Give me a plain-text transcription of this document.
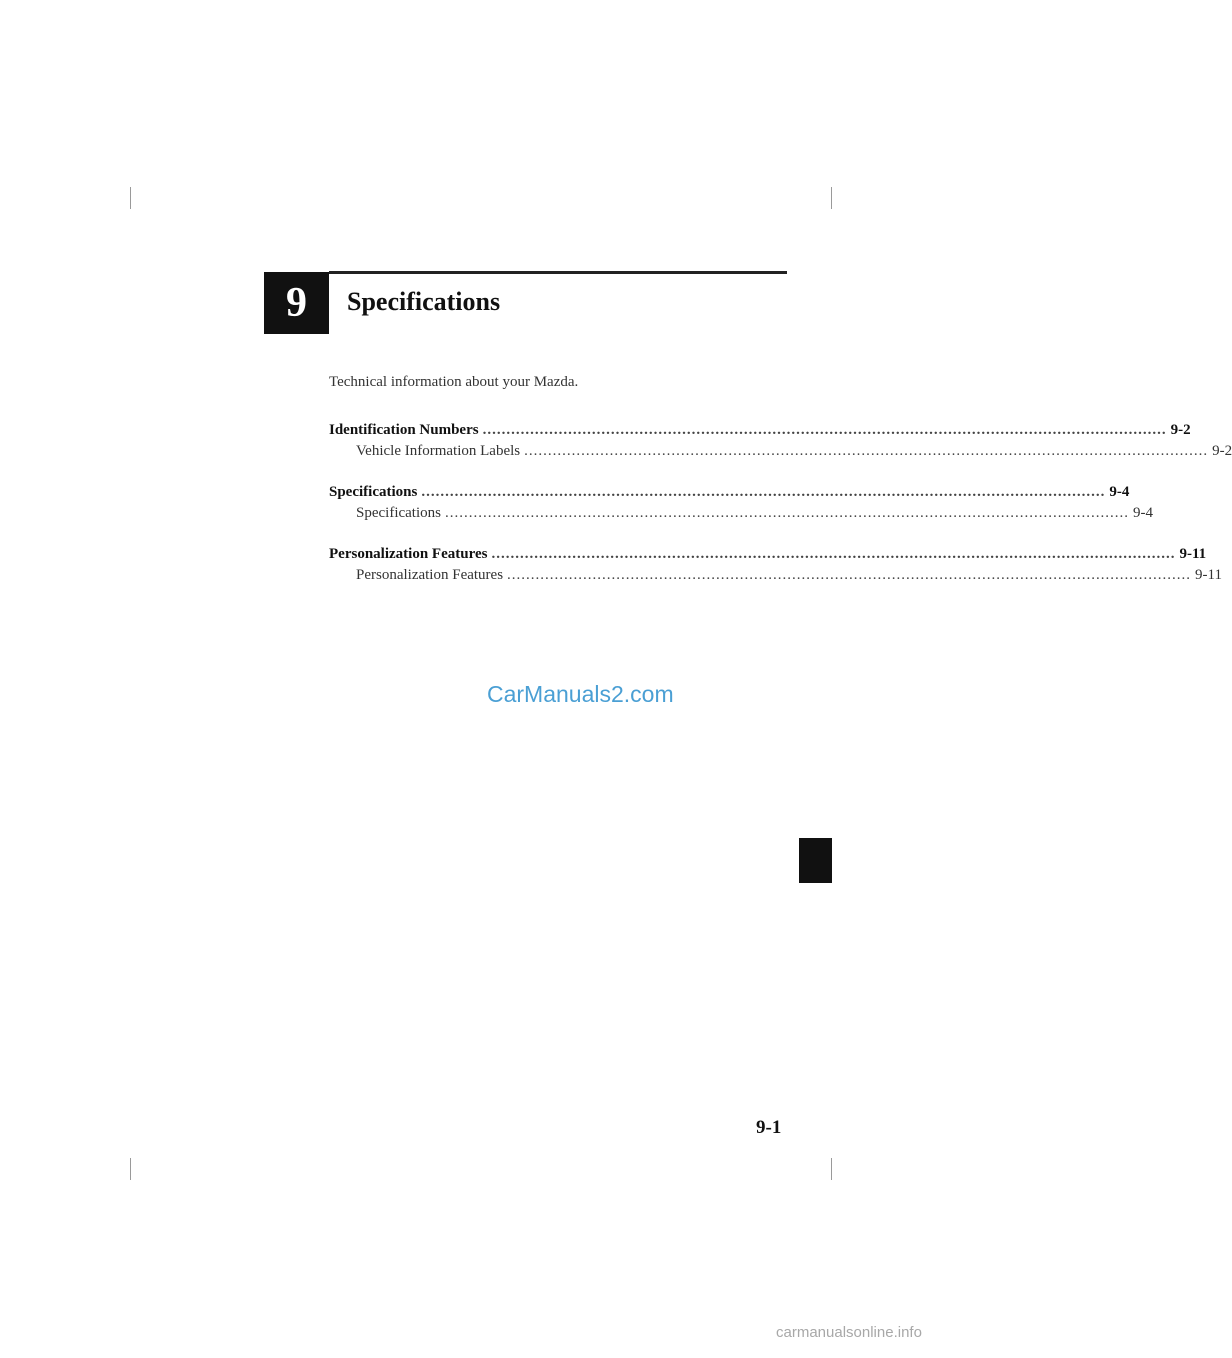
9 Specifications
Technical information about your Mazda.
Identification Numbers ................................................................................................................................................ 9-2
Vehicle Information Labels ................................................................................................................................................ 9-2
Specifications ................................................................................................................................................ 9-4
Specifications ................................................................................................................................................ 9-4
Personalization Features ................................................................................................................................................ 9-11
Personalization Features ................................................................................................................................................ 9-11
CarManuals2.com
9-1
carmanualsonline.info
